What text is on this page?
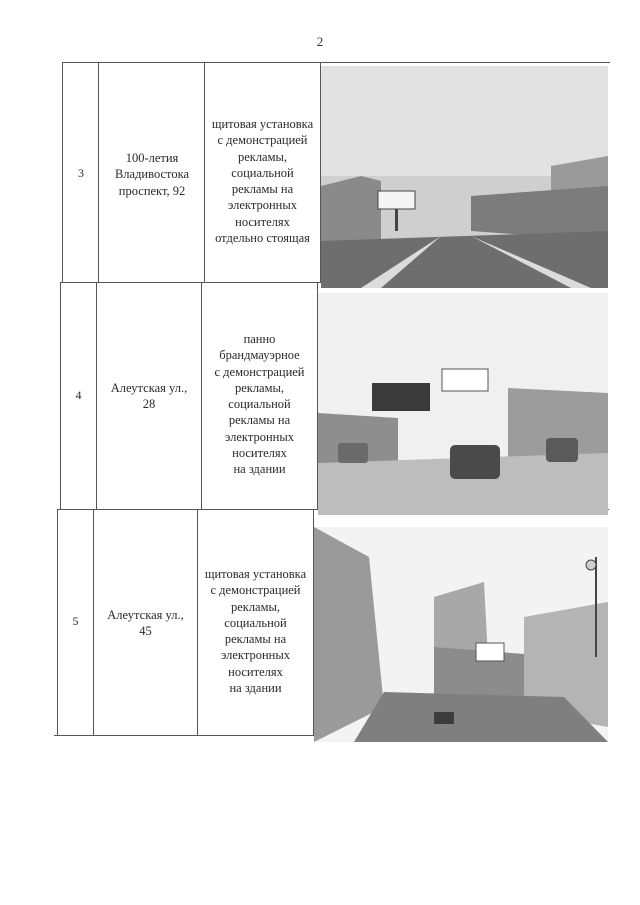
2
3
100-летия
Владивостока
проспект, 92
щитовая установка
с демонстрацией
рекламы,
социальной
рекламы на
электронных
носителях
отдельно стоящая
4	Алеутская ул.,
28
панно
брандмауэрное
с демонстрацией
рекламы,
социальной
рекламы на
электронных
носителях
на здании
5	Алеутская ул.,
45
щитовая установка
с демонстрацией
рекламы,
социальной
рекламы на
электронных
носителях
на здании
